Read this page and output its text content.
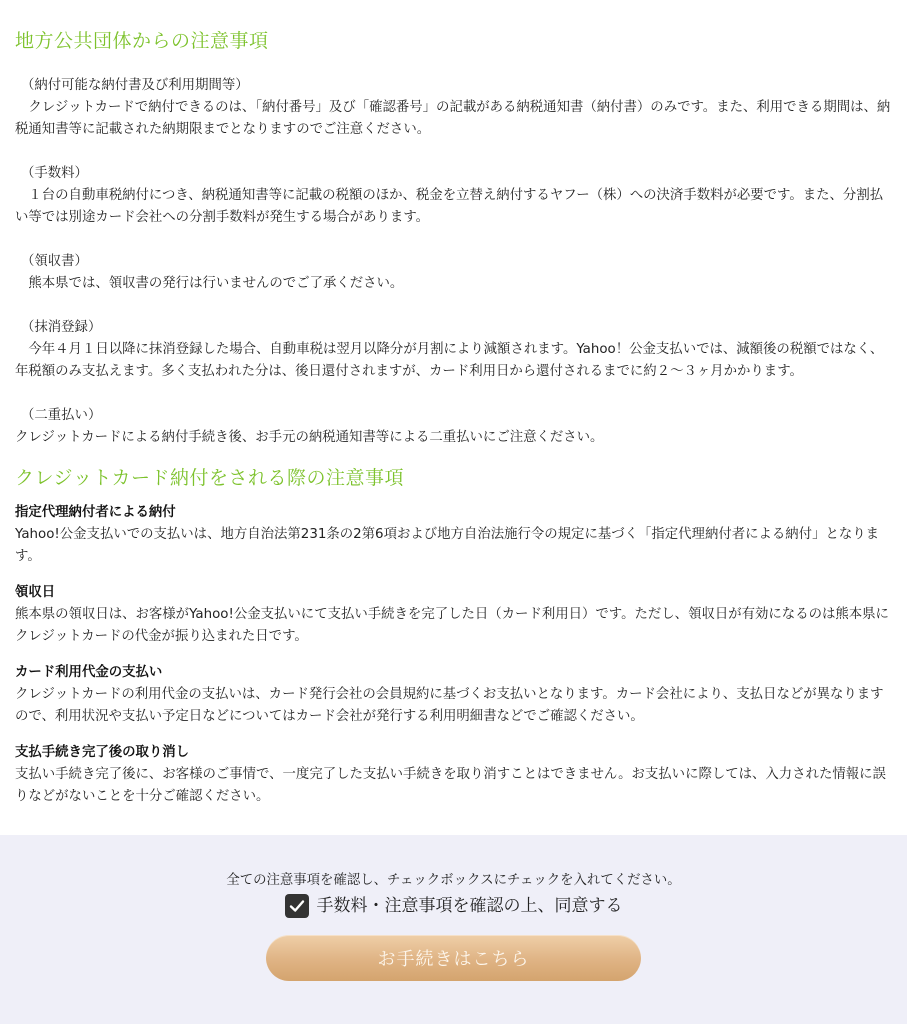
地方公共団体からの注意事項

（納付可能な納付書及び利用期間等）
　クレジットカードで納付できるのは、「納付番号」及び「確認番号」の記載がある納税通知書（納付書）のみです。また、利用できる期間は、納税通知書等に記載された納期限までとなりますのでご注意ください。

（手数料）
　１台の自動車税納付につき、納税通知書等に記載の税額のほか、税金を立替え納付するヤフー（株）への決済手数料が必要です。また、分割払い等では別途カード会社への分割手数料が発生する場合があります。

（領収書）
　熊本県では、領収書の発行は行いませんのでご了承ください。

（抹消登録）
　今年４月１日以降に抹消登録した場合、自動車税は翌月以降分が月割により減額されます。Yahoo！公金支払いでは、減額後の税額ではなく、年税額のみ支払えます。多く支払われた分は、後日還付されますが、カード利用日から還付されるまでに約２〜３ヶ月かかります。

（二重払い）
クレジットカードによる納付手続き後、お手元の納税通知書等による二重払いにご注意ください。

クレジットカード納付をされる際の注意事項
指定代理納付者による納付
Yahoo!公金支払いでの支払いは、地方自治法第231条の2第6項および地方自治法施行令の規定に基づく「指定代理納付者による納付」となります。
領収日
熊本県の領収日は、お客様がYahoo!公金支払いにて支払い手続きを完了した日（カード利用日）です。ただし、領収日が有効になるのは熊本県にクレジットカードの代金が振り込まれた日です。
カード利用代金の支払い
クレジットカードの利用代金の支払いは、カード発行会社の会員規約に基づくお支払いとなります。カード会社により、支払日などが異なりますので、利用状況や支払い予定日などについてはカード会社が発行する利用明細書などでご確認ください。
支払手続き完了後の取り消し
支払い手続き完了後に、お客様のご事情で、一度完了した支払い手続きを取り消すことはできません。お支払いに際しては、入力された情報に誤りなどがないことを十分ご確認ください。
全ての注意事項を確認し、チェックボックスにチェックを入れてください。
手数料・注意事項を確認の上、同意する
お手続きはこちら
